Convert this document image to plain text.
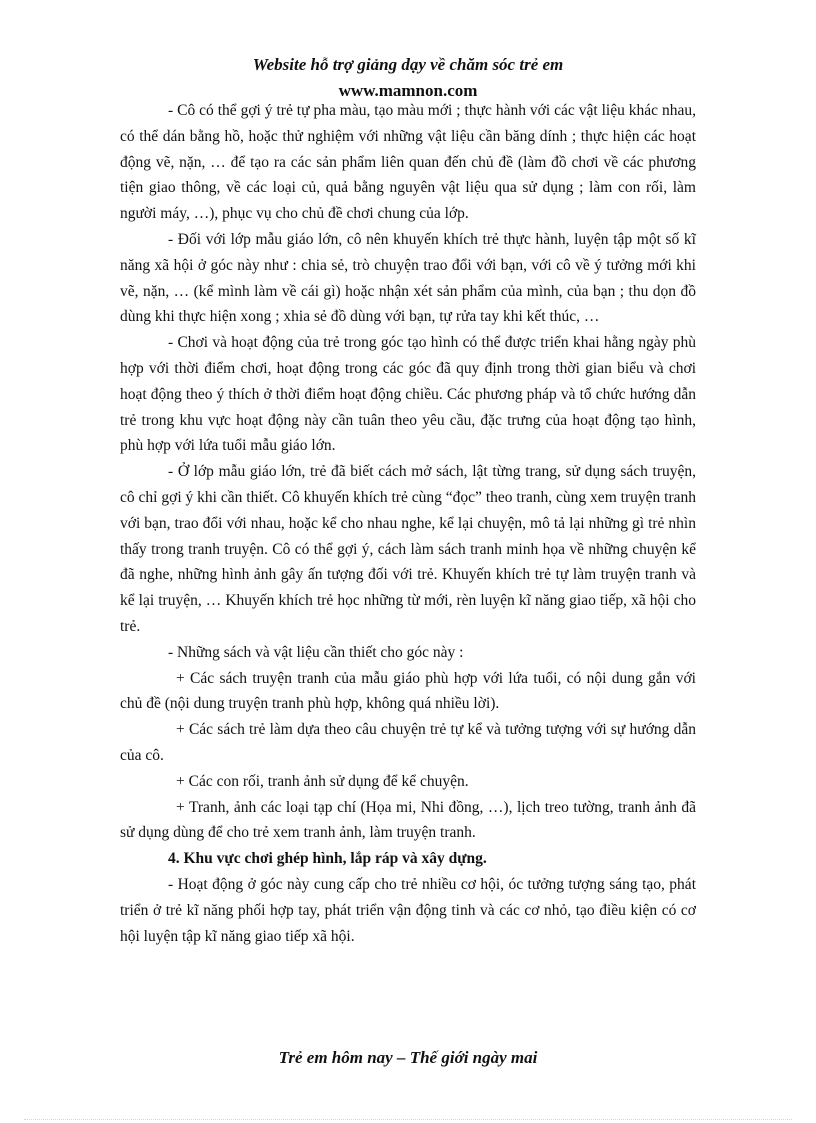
Website hỗ trợ giảng dạy về chăm sóc trẻ em
www.mamnon.com

- Cô có thể gợi ý trẻ tự pha màu, tạo màu mới ; thực hành với các vật liệu khác nhau, có thể dán bằng hồ, hoặc thử nghiệm với những vật liệu cần băng dính ; thực hiện các hoạt động vẽ, nặn, … để tạo ra các sản phẩm liên quan đến chủ đề (làm đồ chơi về các phương tiện giao thông, về các loại củ, quả bằng nguyên vật liệu qua sử dụng ; làm con rối, làm người máy, …), phục vụ cho chủ đề chơi chung của lớp.

- Đối với lớp mẫu giáo lớn, cô nên khuyến khích trẻ thực hành, luyện tập một số kĩ năng xã hội ở góc này như : chia sẻ, trò chuyện trao đổi với bạn, với cô về ý tưởng mới khi vẽ, nặn, … (kể mình làm về cái gì) hoặc nhận xét sản phẩm của mình, của bạn ; thu dọn đồ dùng khi thực hiện xong ; xhia sẻ đồ dùng với bạn, tự rửa tay khi kết thúc, …

- Chơi và hoạt động của trẻ trong góc tạo hình có thể được triển khai hằng ngày phù hợp với thời điểm chơi, hoạt động trong các góc đã quy định trong thời gian biểu và chơi hoạt động theo ý thích ở thời điểm hoạt động chiều. Các phương pháp và tổ chức hướng dẫn trẻ trong khu vực hoạt động này cần tuân theo yêu cầu, đặc trưng của hoạt động tạo hình, phù hợp với lứa tuổi mẫu giáo lớn.

- Ở lớp mẫu giáo lớn, trẻ đã biết cách mở sách, lật từng trang, sử dụng sách truyện, cô chỉ gợi ý khi cần thiết. Cô khuyến khích trẻ cùng “đọc” theo tranh, cùng xem truyện tranh với bạn, trao đổi với nhau, hoặc kể cho nhau nghe, kể lại chuyện, mô tả lại những gì trẻ nhìn thấy trong tranh truyện. Cô có thể gợi ý, cách làm sách tranh minh họa về những chuyện kể đã nghe, những hình ảnh gây ấn tượng đối với trẻ. Khuyến khích trẻ tự làm truyện tranh và kể lại truyện, … Khuyến khích trẻ học những từ mới, rèn luyện kĩ năng giao tiếp, xã hội cho trẻ.

- Những sách và vật liệu cần thiết cho góc này :

+ Các sách truyện tranh của mẫu giáo phù hợp với lứa tuổi, có nội dung gắn với chủ đề (nội dung truyện tranh phù hợp, không quá nhiều lời).

+ Các sách trẻ làm dựa theo câu chuyện trẻ tự kể và tưởng tượng với sự hướng dẫn của cô.

+ Các con rối, tranh ảnh sử dụng để kể chuyện.

+ Tranh, ảnh các loại tạp chí (Họa mi, Nhi đồng, …), lịch treo tường, tranh ảnh đã sử dụng dùng để cho trẻ xem tranh ảnh, làm truyện tranh.

4. Khu vực chơi ghép hình, lắp ráp và xây dựng.

- Hoạt động ở góc này cung cấp cho trẻ nhiều cơ hội, óc tưởng tượng sáng tạo, phát triển ở trẻ kĩ năng phối hợp tay, phát triển vận động tinh và các cơ nhỏ, tạo điều kiện có cơ hội luyện tập kĩ năng giao tiếp xã hội.

Trẻ em hôm nay – Thế giới ngày mai
